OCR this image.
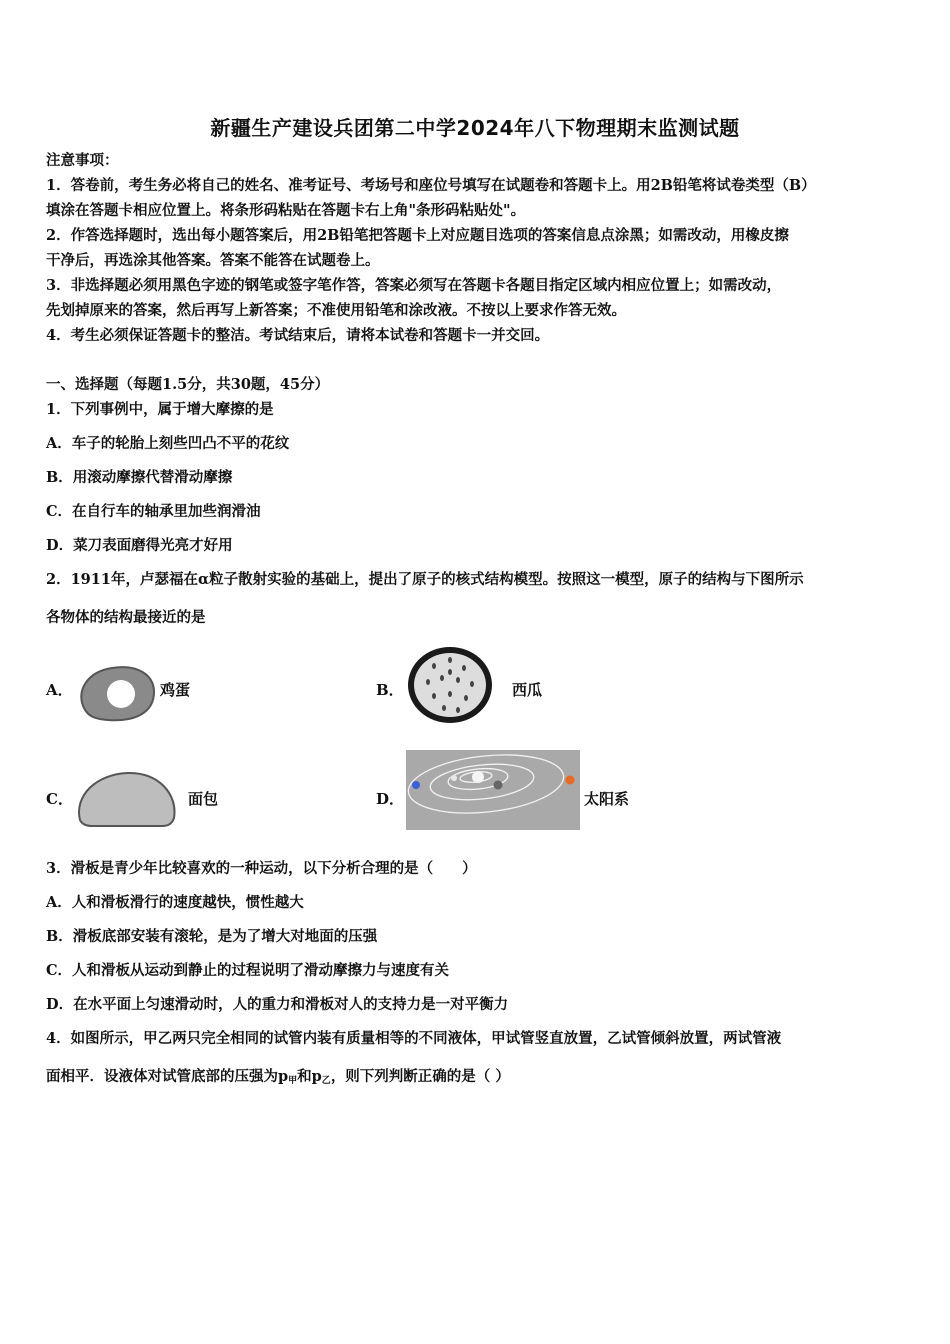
新疆生产建设兵团第二中学2024年八下物理期末监测试题
注意事项：
1．答卷前，考生务必将自己的姓名、准考证号、考场号和座位号填写在试题卷和答题卡上。用2B铅笔将试卷类型（B）
填涂在答题卡相应位置上。将条形码粘贴在答题卡右上角"条形码粘贴处"。
2．作答选择题时，选出每小题答案后，用2B铅笔把答题卡上对应题目选项的答案信息点涂黑；如需改动，用橡皮擦
干净后，再选涂其他答案。答案不能答在试题卷上。
3．非选择题必须用黑色字迹的钢笔或签字笔作答，答案必须写在答题卡各题目指定区域内相应位置上；如需改动，
先划掉原来的答案，然后再写上新答案；不准使用铅笔和涂改液。不按以上要求作答无效。
4．考生必须保证答题卡的整洁。考试结束后，请将本试卷和答题卡一并交回。
一、选择题（每题1.5分，共30题，45分）
1．下列事例中，属于增大摩擦的是
A．车子的轮胎上刻些凹凸不平的花纹
B．用滚动摩擦代替滑动摩擦
C．在自行车的轴承里加些润滑油
D．菜刀表面磨得光亮才好用
2．1911年，卢瑟福在α粒子散射实验的基础上，提出了原子的核式结构模型。按照这一模型，原子的结构与下图所示
各物体的结构最接近的是
A．	鸡蛋	B．	西瓜
C．	面包	D．	太阳系
3．滑板是青少年比较喜欢的一种运动，以下分析合理的是（　　）
A．人和滑板滑行的速度越快，惯性越大
B．滑板底部安装有滚轮，是为了增大对地面的压强
C．人和滑板从运动到静止的过程说明了滑动摩擦力与速度有关
D．在水平面上匀速滑动时，人的重力和滑板对人的支持力是一对平衡力
4．如图所示，甲乙两只完全相同的试管内装有质量相等的不同液体，甲试管竖直放置，乙试管倾斜放置，两试管液
面相平．设液体对试管底部的压强为$p_甲$和$p_乙$，则下列判断正确的是（ ）
